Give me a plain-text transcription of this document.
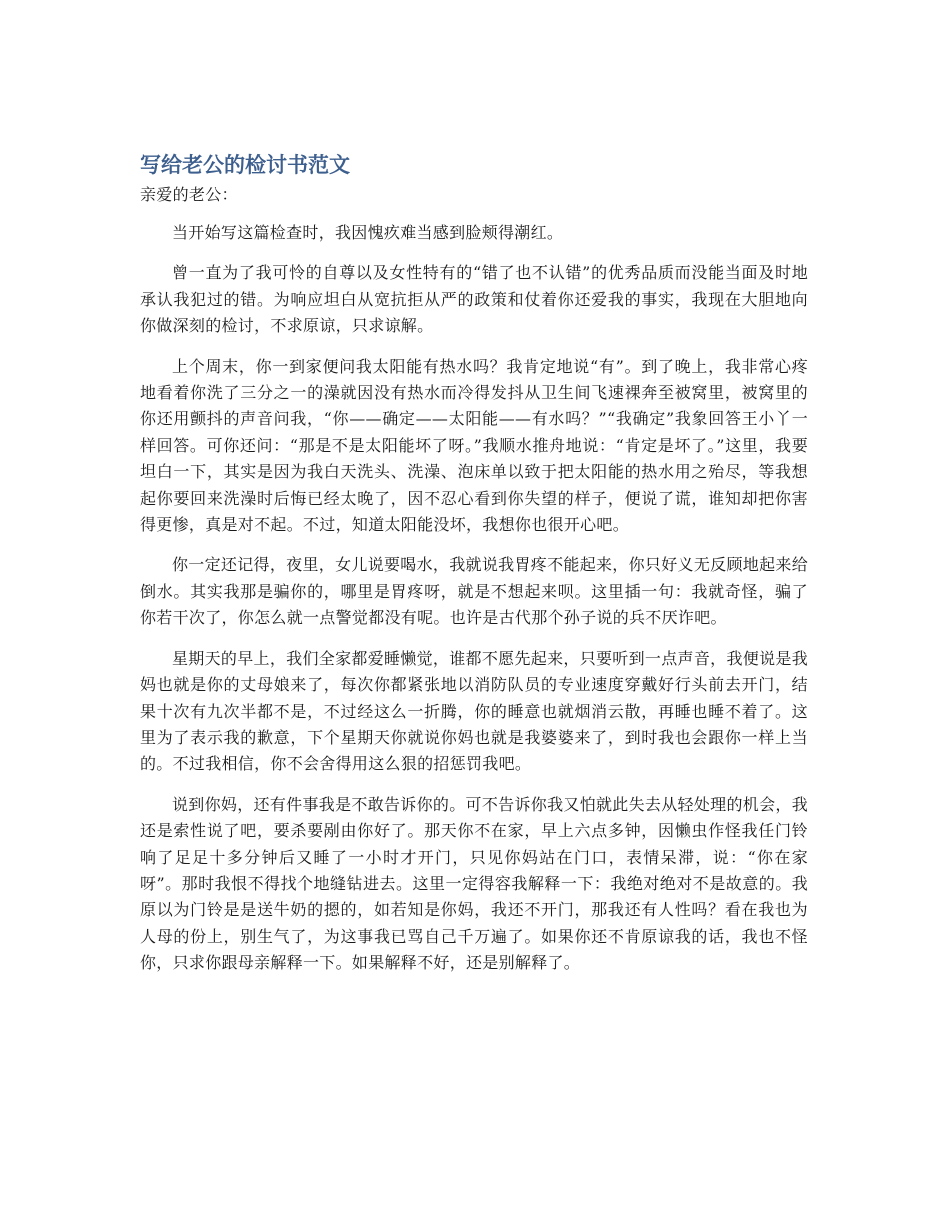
写给老公的检讨书范文

亲爱的老公：

当开始写这篇检查时，我因愧疚难当感到脸颊得潮红。

曾一直为了我可怜的自尊以及女性特有的“错了也不认错”的优秀品质而没能当面及时地承认我犯过的错。为响应坦白从宽抗拒从严的政策和仗着你还爱我的事实，我现在大胆地向你做深刻的检讨，不求原谅，只求谅解。

上个周末，你一到家便问我太阳能有热水吗？我肯定地说“有”。到了晚上，我非常心疼地看着你洗了三分之一的澡就因没有热水而冷得发抖从卫生间飞速裸奔至被窝里，被窝里的你还用颤抖的声音问我，“你——确定——太阳能——有水吗？”“我确定”我象回答王小丫一样回答。可你还问：“那是不是太阳能坏了呀。”我顺水推舟地说：“肯定是坏了。”这里，我要坦白一下，其实是因为我白天洗头、洗澡、泡床单以致于把太阳能的热水用之殆尽，等我想起你要回来洗澡时后悔已经太晚了，因不忍心看到你失望的样子，便说了谎，谁知却把你害得更惨，真是对不起。不过，知道太阳能没坏，我想你也很开心吧。

你一定还记得，夜里，女儿说要喝水，我就说我胃疼不能起来，你只好义无反顾地起来给倒水。其实我那是骗你的，哪里是胃疼呀，就是不想起来呗。这里插一句：我就奇怪，骗了你若干次了，你怎么就一点警觉都没有呢。也许是古代那个孙子说的兵不厌诈吧。

星期天的早上，我们全家都爱睡懒觉，谁都不愿先起来，只要听到一点声音，我便说是我妈也就是你的丈母娘来了，每次你都紧张地以消防队员的专业速度穿戴好行头前去开门，结果十次有九次半都不是，不过经这么一折腾，你的睡意也就烟消云散，再睡也睡不着了。这里为了表示我的歉意，下个星期天你就说你妈也就是我婆婆来了，到时我也会跟你一样上当的。不过我相信，你不会舍得用这么狠的招惩罚我吧。

说到你妈，还有件事我是不敢告诉你的。可不告诉你我又怕就此失去从轻处理的机会，我还是索性说了吧，要杀要剐由你好了。那天你不在家，早上六点多钟，因懒虫作怪我任门铃响了足足十多分钟后又睡了一小时才开门，只见你妈站在门口，表情呆滞，说：“你在家呀”。那时我恨不得找个地缝钻进去。这里一定得容我解释一下：我绝对绝对不是故意的。我原以为门铃是是送牛奶的摁的，如若知是你妈，我还不开门，那我还有人性吗？看在我也为人母的份上，别生气了，为这事我已骂自己千万遍了。如果你还不肯原谅我的话，我也不怪你，只求你跟母亲解释一下。如果解释不好，还是别解释了。
